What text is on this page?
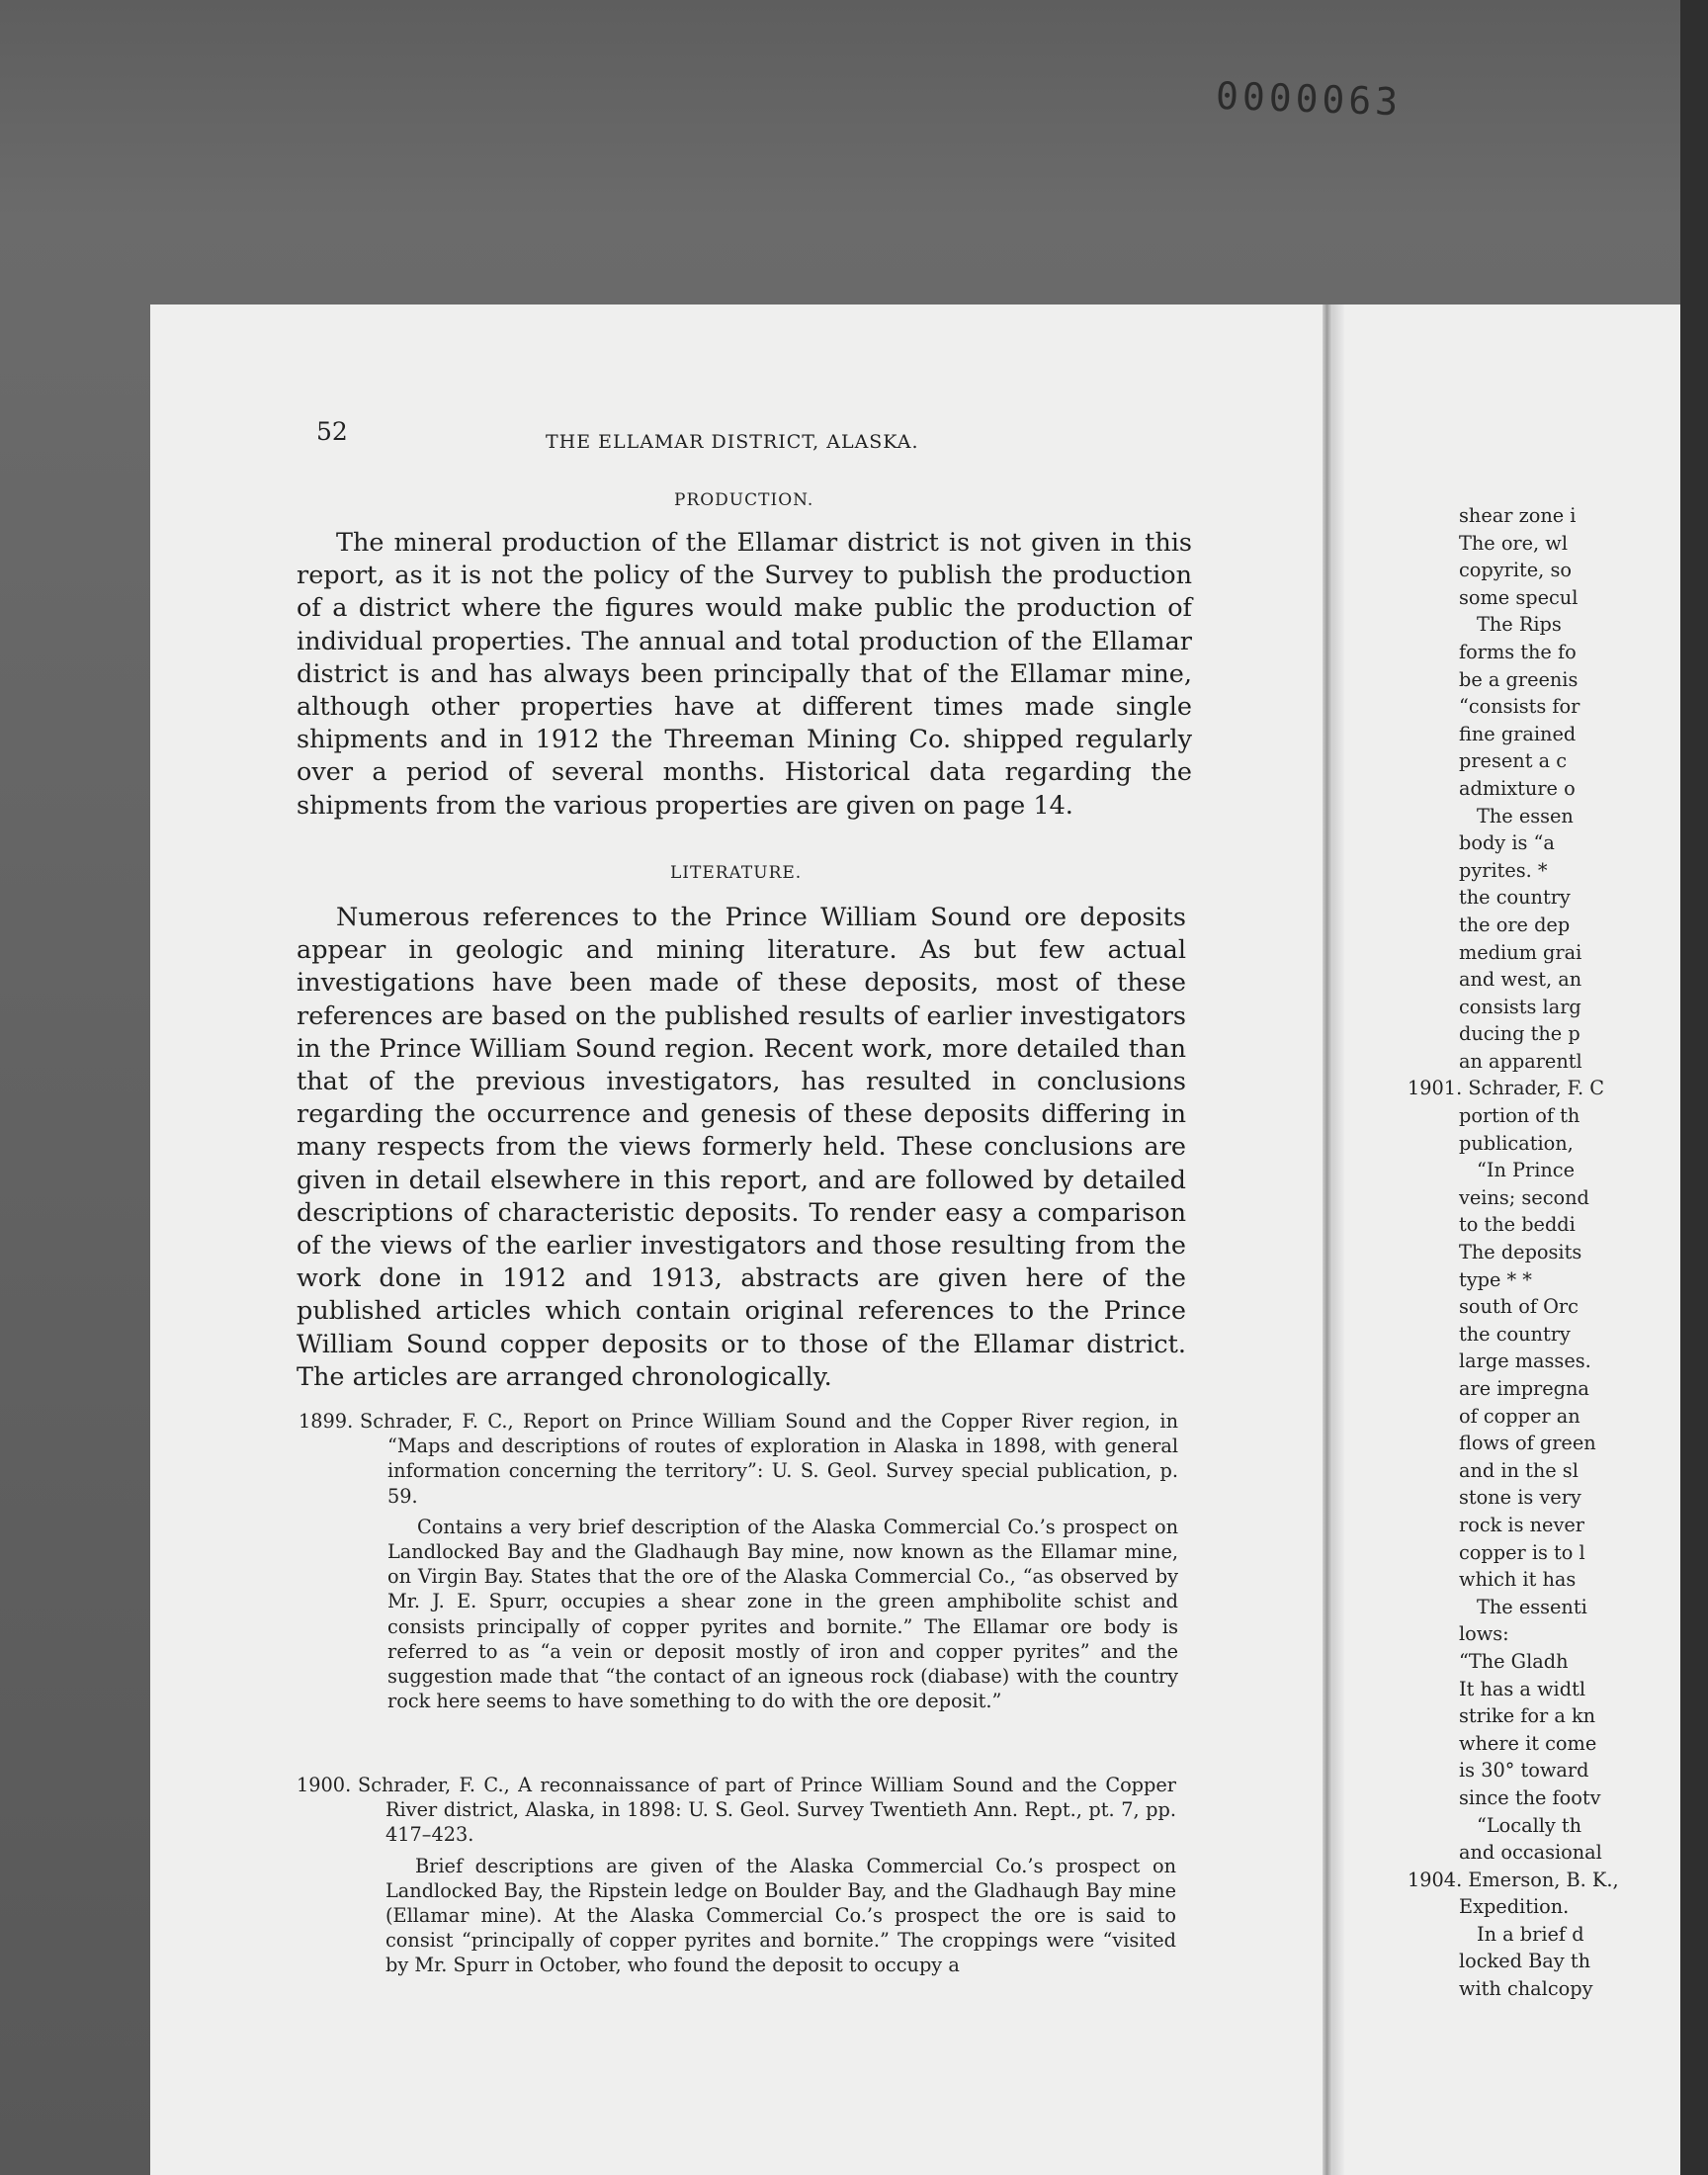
0000063
52	THE ELLAMAR DISTRICT, ALASKA.
PRODUCTION.

The mineral production of the Ellamar district is not given in this report, as it is not the policy of the Survey to publish the production of a district where the figures would make public the production of individual properties. The annual and total production of the Ellamar district is and has always been principally that of the Ellamar mine, although other properties have at different times made single shipments and in 1912 the Threeman Mining Co. shipped regularly over a period of several months. Historical data regarding the shipments from the various properties are given on page 14.

LITERATURE.

Numerous references to the Prince William Sound ore deposits appear in geologic and mining literature. As but few actual investigations have been made of these deposits, most of these references are based on the published results of earlier investigators in the Prince William Sound region. Recent work, more detailed than that of the previous investigators, has resulted in conclusions regarding the occurrence and genesis of these deposits differing in many respects from the views formerly held. These conclusions are given in detail elsewhere in this report, and are followed by detailed descriptions of characteristic deposits. To render easy a comparison of the views of the earlier investigators and those resulting from the work done in 1912 and 1913, abstracts are given here of the published articles which contain original references to the Prince William Sound copper deposits or to those of the Ellamar district. The articles are arranged chronologically.

1899. Schrader, F. C., Report on Prince William Sound and the Copper River region, in “Maps and descriptions of routes of exploration in Alaska in 1898, with general information concerning the territory”: U. S. Geol. Survey special publication, p. 59.

Contains a very brief description of the Alaska Commercial Co.’s prospect on Landlocked Bay and the Gladhaugh Bay mine, now known as the Ellamar mine, on Virgin Bay. States that the ore of the Alaska Commercial Co., “as observed by Mr. J. E. Spurr, occupies a shear zone in the green amphibolite schist and consists principally of copper pyrites and bornite.” The Ellamar ore body is referred to as “a vein or deposit mostly of iron and copper pyrites” and the suggestion made that “the contact of an igneous rock (diabase) with the country rock here seems to have something to do with the ore deposit.”

1900. Schrader, F. C., A reconnaissance of part of Prince William Sound and the Copper River district, Alaska, in 1898: U. S. Geol. Survey Twentieth Ann. Rept., pt. 7, pp. 417–423.

Brief descriptions are given of the Alaska Commercial Co.’s prospect on Landlocked Bay, the Ripstein ledge on Boulder Bay, and the Gladhaugh Bay mine (Ellamar mine). At the Alaska Commercial Co.’s prospect the ore is said to consist “principally of copper pyrites and bornite.” The croppings were “visited by Mr. Spurr in October, who found the deposit to occupy a

shear zone i
The ore, wl
copyrite, so
some specul
The Rips
forms the fo
be a greenis
“consists for
fine grained
present a c
admixture o
The essen
body is “a
pyrites. *
the country
the ore dep
medium grai
and west, an
consists larg
ducing the p
an apparentl
1901. Schrader, F. C
portion of th
publication,
“In Prince
veins; second
to the beddi
The deposits
type * *
south of Orc
the country
large masses.
are impregna
of copper an
flows of green
and in the sl
stone is very
rock is never
copper is to l
which it has
The essenti
lows:
“The Gladh
It has a widtl
strike for a kn
where it come
is 30° toward
since the footv
“Locally th
and occasional
1904. Emerson, B. K.,
Expedition.
In a brief d
locked Bay th
with chalcopy
